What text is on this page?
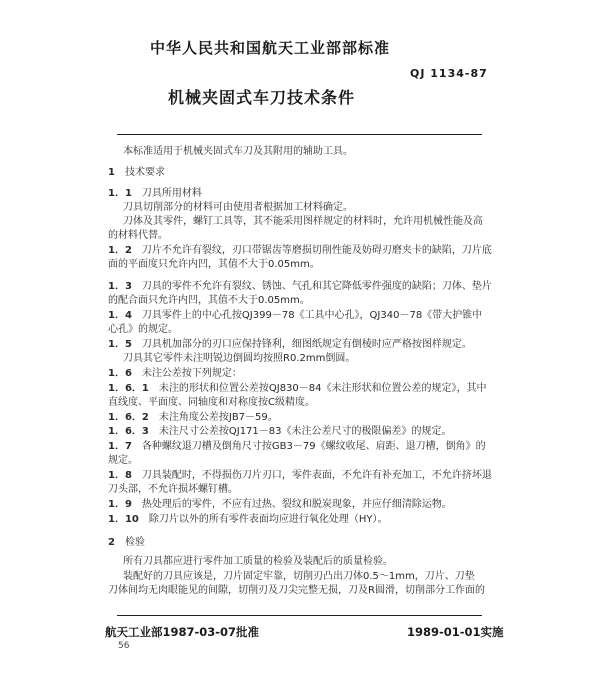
中华人民共和国航天工业部部标准
QJ 1134-87
机械夹固式车刀技术条件
本标准适用于机械夹固式车刀及其附用的辅助工具。
1　技术要求
1．1　刀具所用材料
刀具切削部分的材料可由使用者根据加工材料确定。
刀体及其零件，螺钉工具等，其不能采用图样规定的材料时，允许用机械性能及高
的材料代替。
1．2　刀片不允许有裂纹，刃口带锯齿等磨损切削性能及妨碍刃磨夹卡的缺陷，刀片底
面的平面度只允许内凹，其值不大于0.05mm。
1．3　刀具的零件不允许有裂纹、锈蚀、气孔和其它降低零件强度的缺陷；刀体、垫片
的配合面只允许内凹，其值不大于0.05mm。
1．4　刀具零件上的中心孔按QJ399－78《工具中心孔》，QJ340－78《带大护锥中
心孔》的规定。
1．5　刀具机加部分的刃口应保持锋利，细图纸规定有倒棱时应严格按图样规定。
刀具其它零件未注明锐边倒圆均按照R0.2mm倒圆。
1．6　未注公差按下列规定：
1．6．1　未注的形状和位置公差按QJ830－84《未注形状和位置公差的规定》，其中
直线度、平面度、同轴度和对称度按C级精度。
1．6．2　未注角度公差按JB7－59。
1．6．3　未注尺寸公差按QJ171－83《未注公差尺寸的极限偏差》的规定。
1．7　各种螺纹退刀槽及倒角尺寸按GB3－79《螺纹收尾、肩距、退刀槽，倒角》的
规定。
1．8　刀具装配时，不得损伤刀片刃口，零件表面，不允许有补充加工，不允许挤坏退
刀头部，不允许损坏螺钉槽。
1．9　热处理后的零件，不应有过热、裂纹和脱炭现象，并应仔细清除运物。
1．10　除刀片以外的所有零件表面均应进行氧化处理（HY）。
2　检验
所有刀具都应进行零件加工质量的检验及装配后的质量检验。
装配好的刀具应该是，刀片固定牢靠，切削刃凸出刀体0.5～1mm，刀片、刀垫
刀体间均无肉眼能见的间隙，切削刃及刀尖完整无损，刀及R圆滑，切削部分工作面的
航天工业部1987-03-07批准	1989-01-01实施
56
